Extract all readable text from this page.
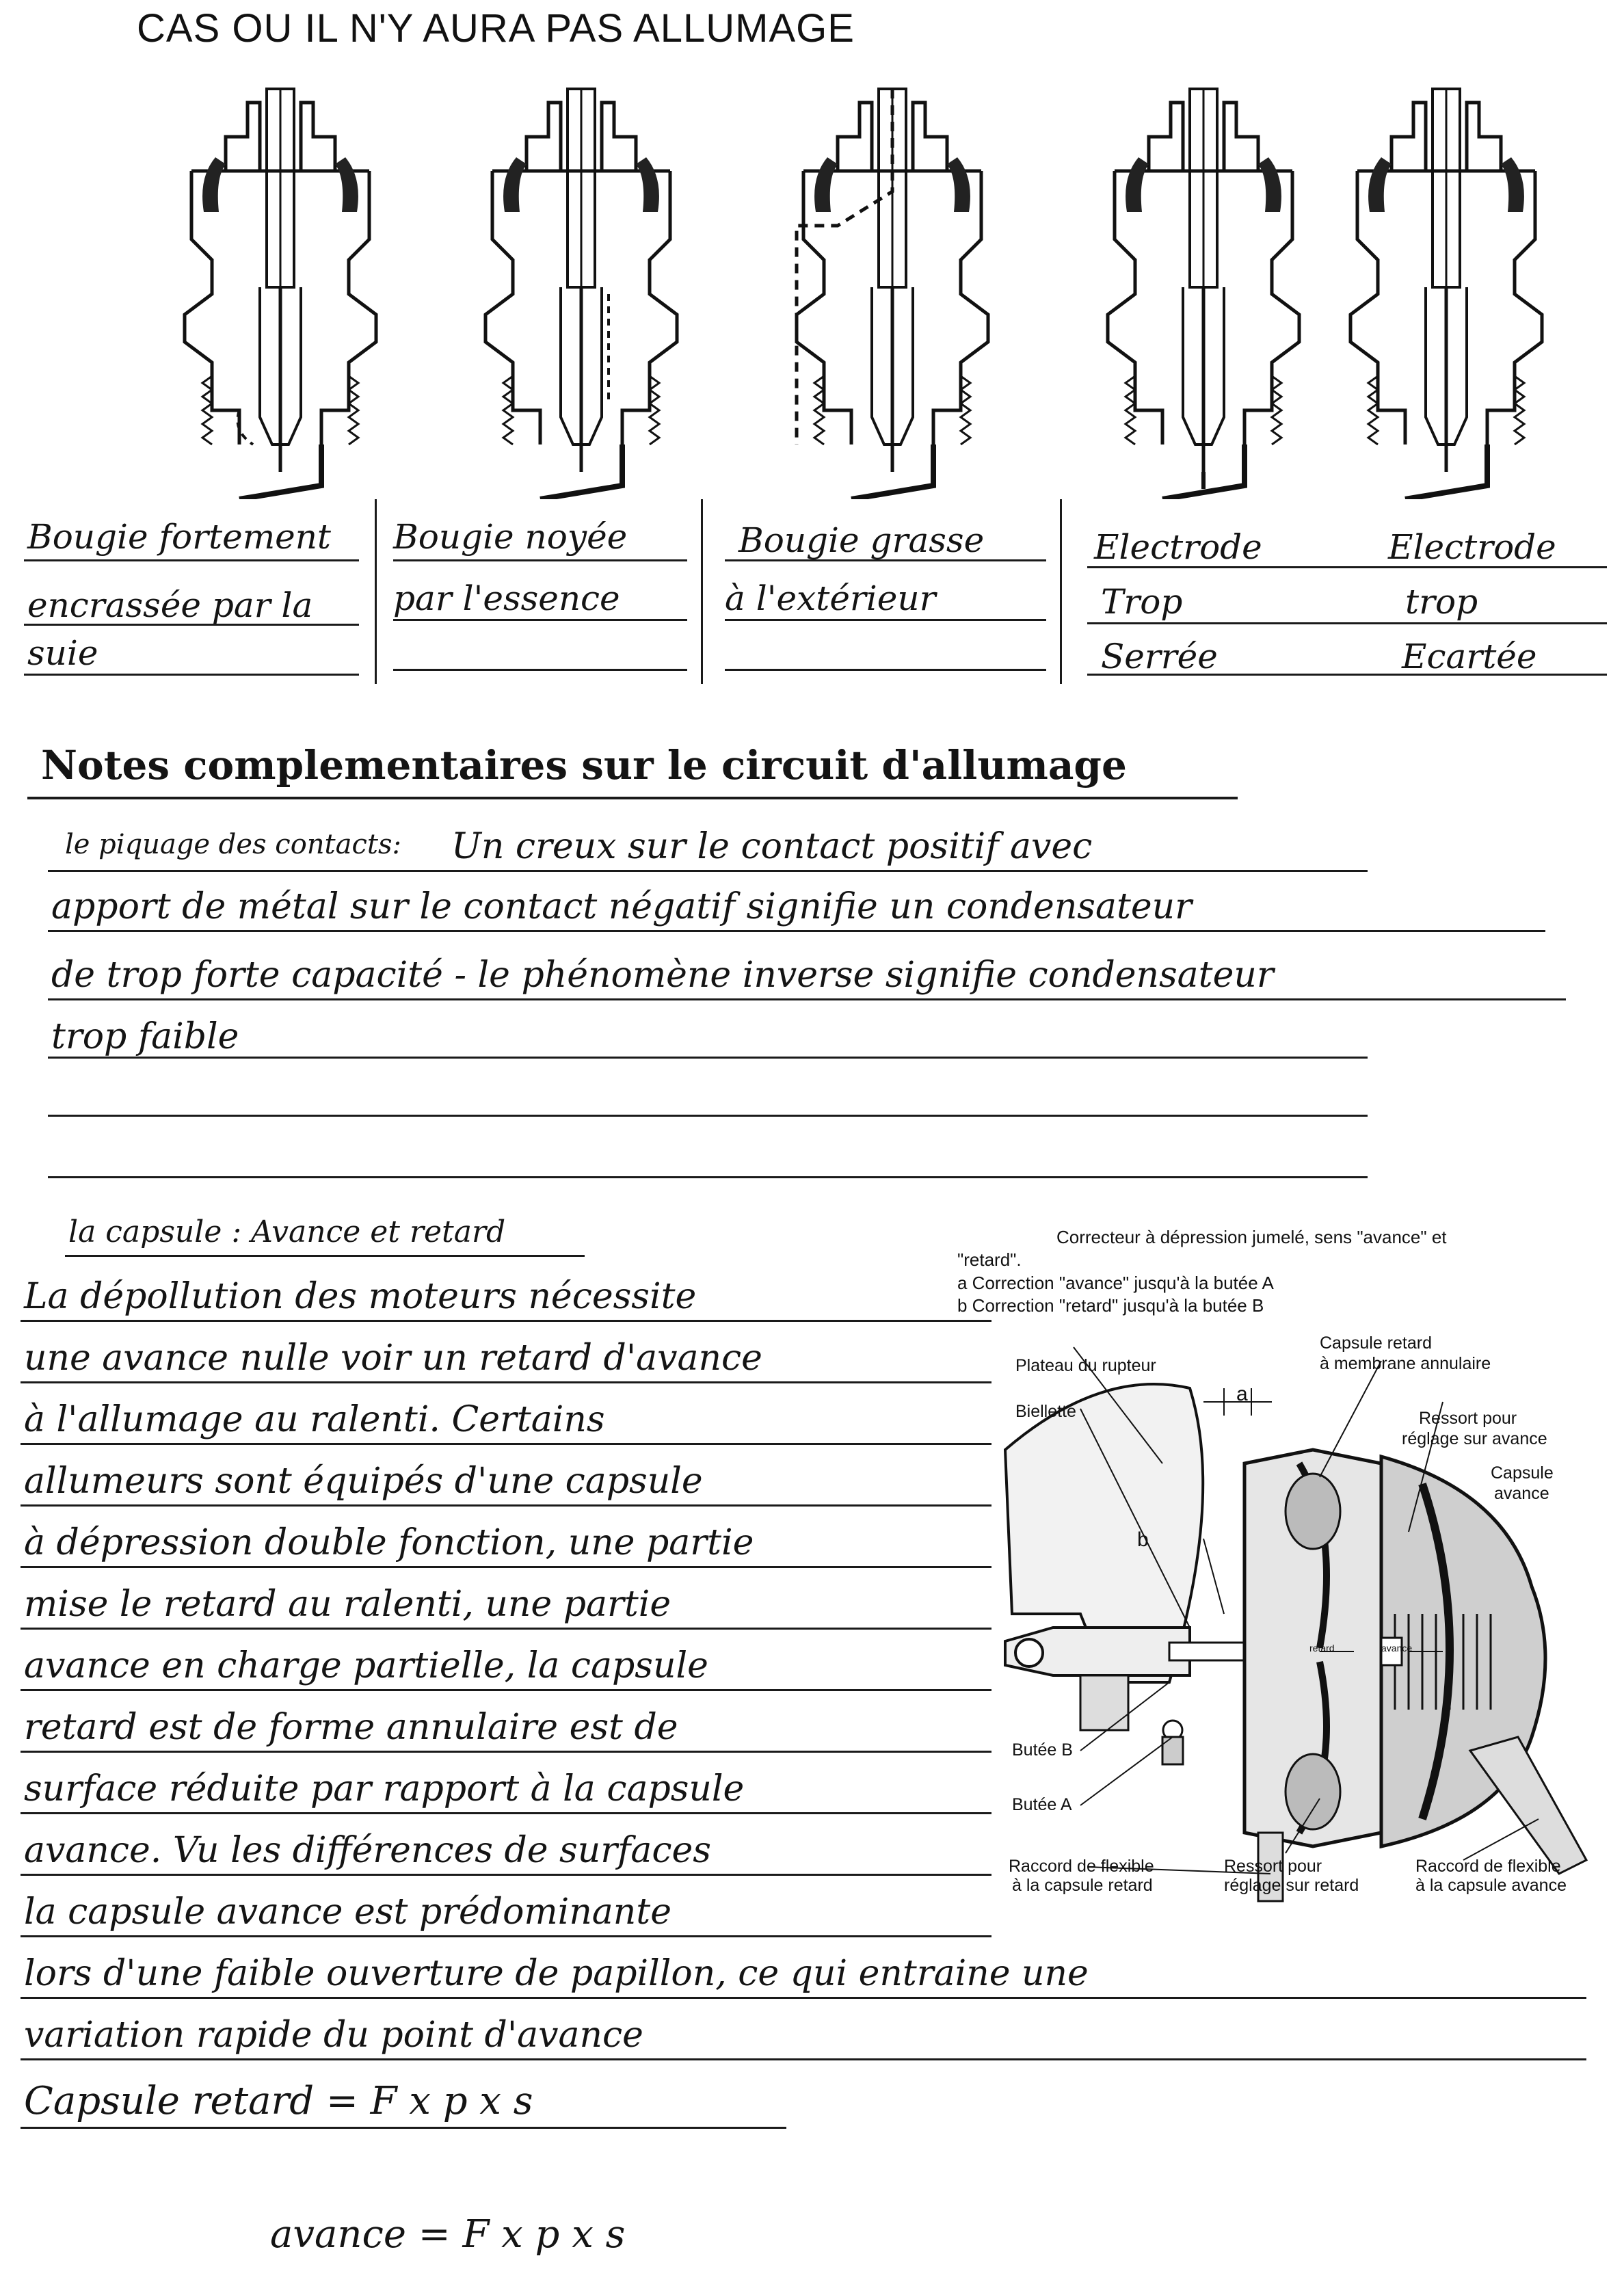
CAS OU IL N'Y AURA PAS ALLUMAGE
Bougie fortement
encrassée par la
suie
Bougie noyée
par l'essence
Bougie grasse
à l'extérieur
Electrode	Electrode
Trop	trop
Serrée	Ecartée
Notes complementaires sur le circuit d'allumage
le piquage des contacts: Un creux sur le contact positif avec
apport de métal sur le contact négatif signifie un condensateur
de trop forte capacité - le phénomène inverse signifie condensateur
trop faible
la capsule : Avance et retard
La dépollution des moteurs nécessite
une avance nulle voir un retard d'avance
à l'allumage au ralenti. Certains
allumeurs sont équipés d'une capsule
à dépression double fonction, une partie
mise le retard au ralenti, une partie
avance en charge partielle, la capsule
retard est de forme annulaire est de
surface réduite par rapport à la capsule
avance. Vu les différences de surfaces
la capsule avance est prédominante
lors d'une faible ouverture de papillon, ce qui entraine une
variation rapide du point d'avance
Capsule retard = F x p x s
avance = F x p x s
Correcteur à dépression jumelé, sens "avance" et
"retard".
a Correction "avance" jusqu'à la butée A
b Correction "retard" jusqu'à la butée B
Plateau du rupteur
Capsule retard
à membrane annulaire
Biellette
a
Ressort pour
réglage sur avance
Capsule
avance
b
retard	avance
Butée B
Butée A
Raccord de flexible
à la capsule retard
Ressort pour
réglage sur retard
Raccord de flexible
à la capsule avance
